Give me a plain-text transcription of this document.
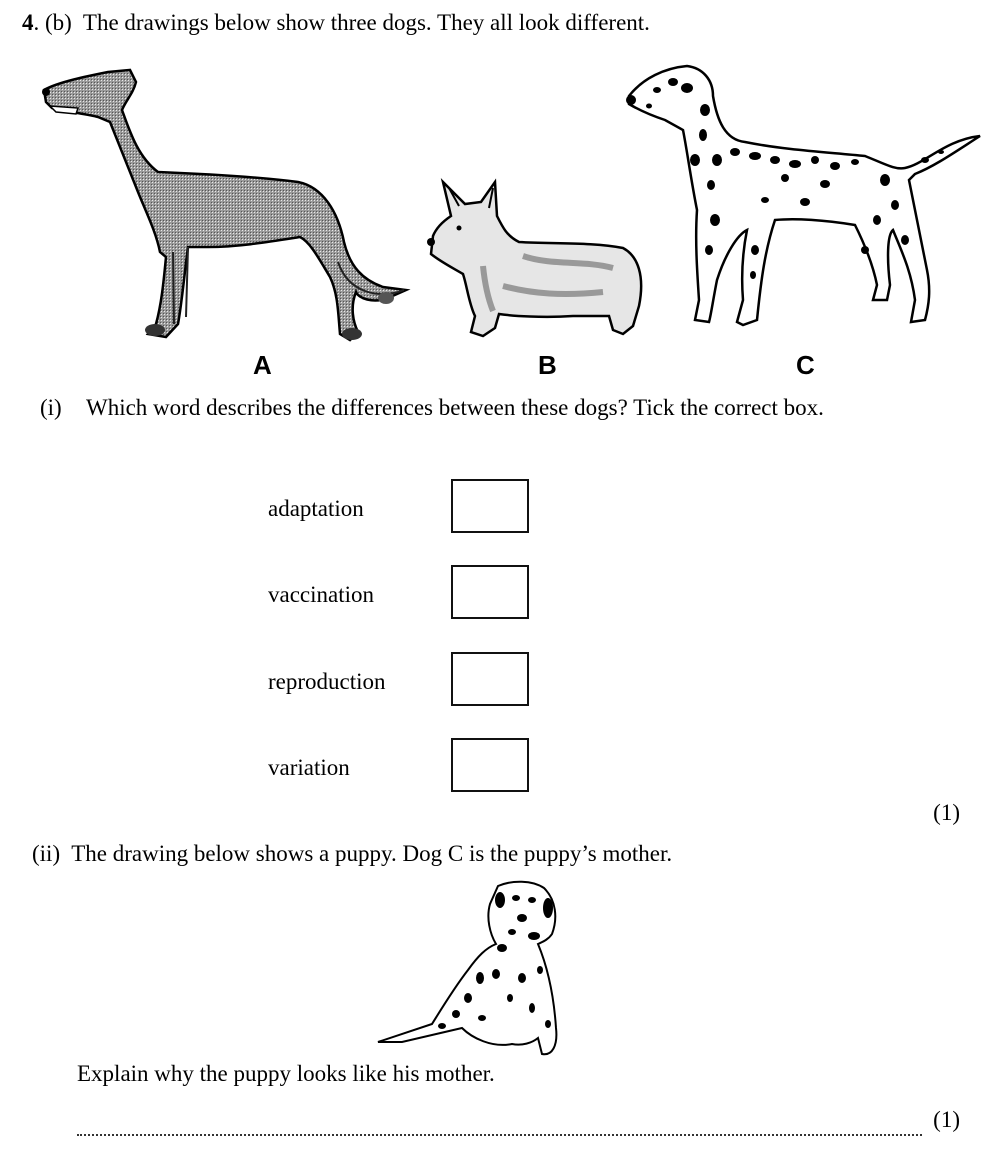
4. (b) The drawings below show three dogs. They all look different.
A	B	C
(i) Which word describes the differences between these dogs? Tick the correct box.
adaptation
vaccination
reproduction
variation
(1)
(ii) The drawing below shows a puppy. Dog C is the puppy’s mother.
Explain why the puppy looks like his mother.
(1)
